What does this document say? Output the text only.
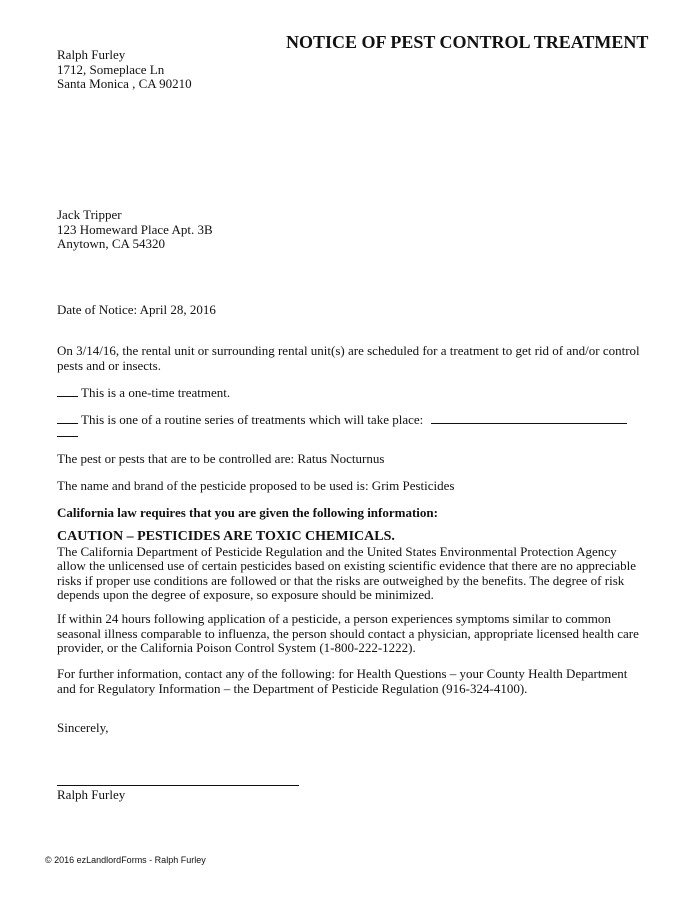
NOTICE OF PEST CONTROL TREATMENT
Ralph Furley
1712, Someplace Ln
Santa Monica , CA 90210
Jack Tripper
123 Homeward Place Apt. 3B
Anytown, CA 54320
Date of Notice: April 28, 2016
On 3/14/16, the rental unit or surrounding rental unit(s) are scheduled for a treatment to get rid of and/or control pests and or insects.
This is a one-time treatment.
This is one of a routine series of treatments which will take place:
The pest or pests that are to be controlled are: Ratus Nocturnus
The name and brand of the pesticide proposed to be used is: Grim Pesticides
California law requires that you are given the following information:
CAUTION – PESTICIDES ARE TOXIC CHEMICALS.
The California Department of Pesticide Regulation and the United States Environmental Protection Agency allow the unlicensed use of certain pesticides based on existing scientific evidence that there are no appreciable risks if proper use conditions are followed or that the risks are outweighed by the benefits. The degree of risk depends upon the degree of exposure, so exposure should be minimized.
If within 24 hours following application of a pesticide, a person experiences symptoms similar to common seasonal illness comparable to influenza, the person should contact a physician, appropriate licensed health care provider, or the California Poison Control System (1-800-222-1222).
For further information, contact any of the following: for Health Questions – your County Health Department and for Regulatory Information – the Department of Pesticide Regulation (916-324-4100).
Sincerely,
Ralph Furley
© 2016 ezLandlordForms - Ralph Furley
